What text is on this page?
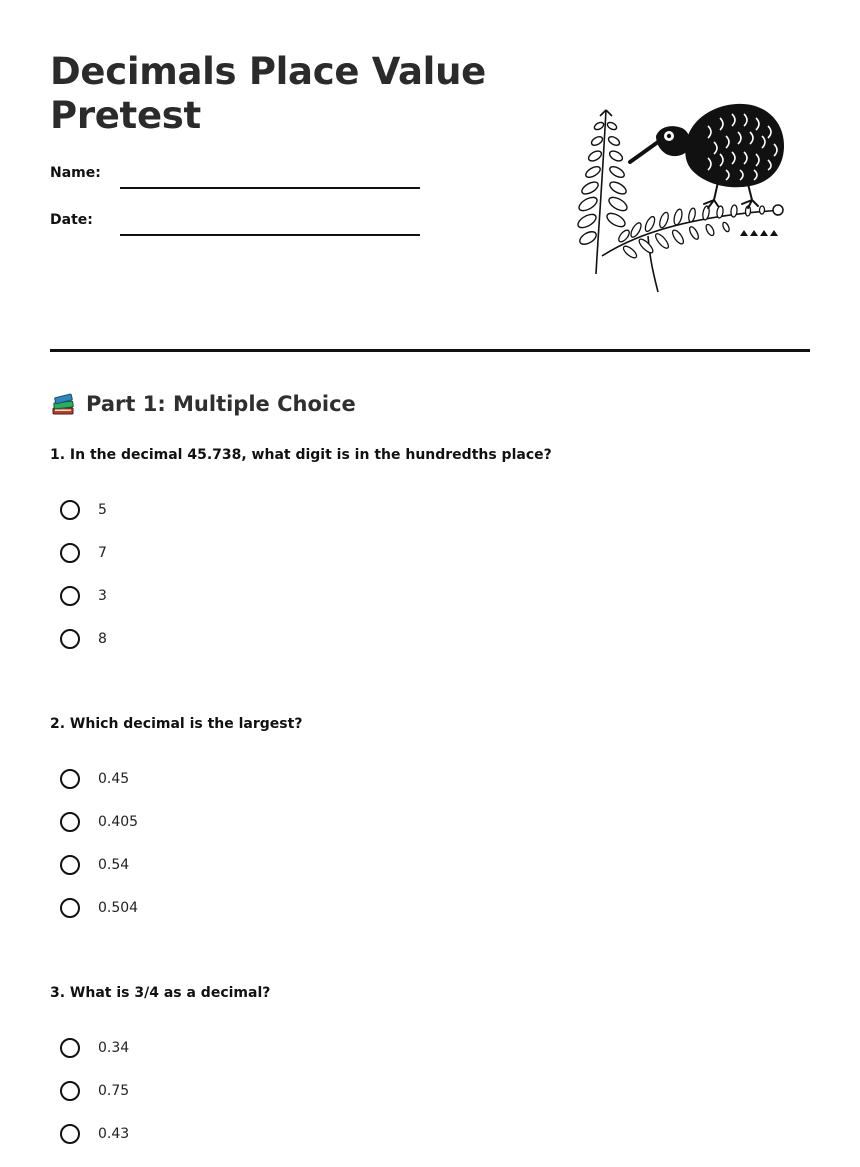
Decimals Place Value Pretest
Name:
Date:
Part 1: Multiple Choice
1. In the decimal 45.738, what digit is in the hundredths place?
5
7
3
8
2. Which decimal is the largest?
0.45
0.405
0.54
0.504
3. What is 3/4 as a decimal?
0.34
0.75
0.43
